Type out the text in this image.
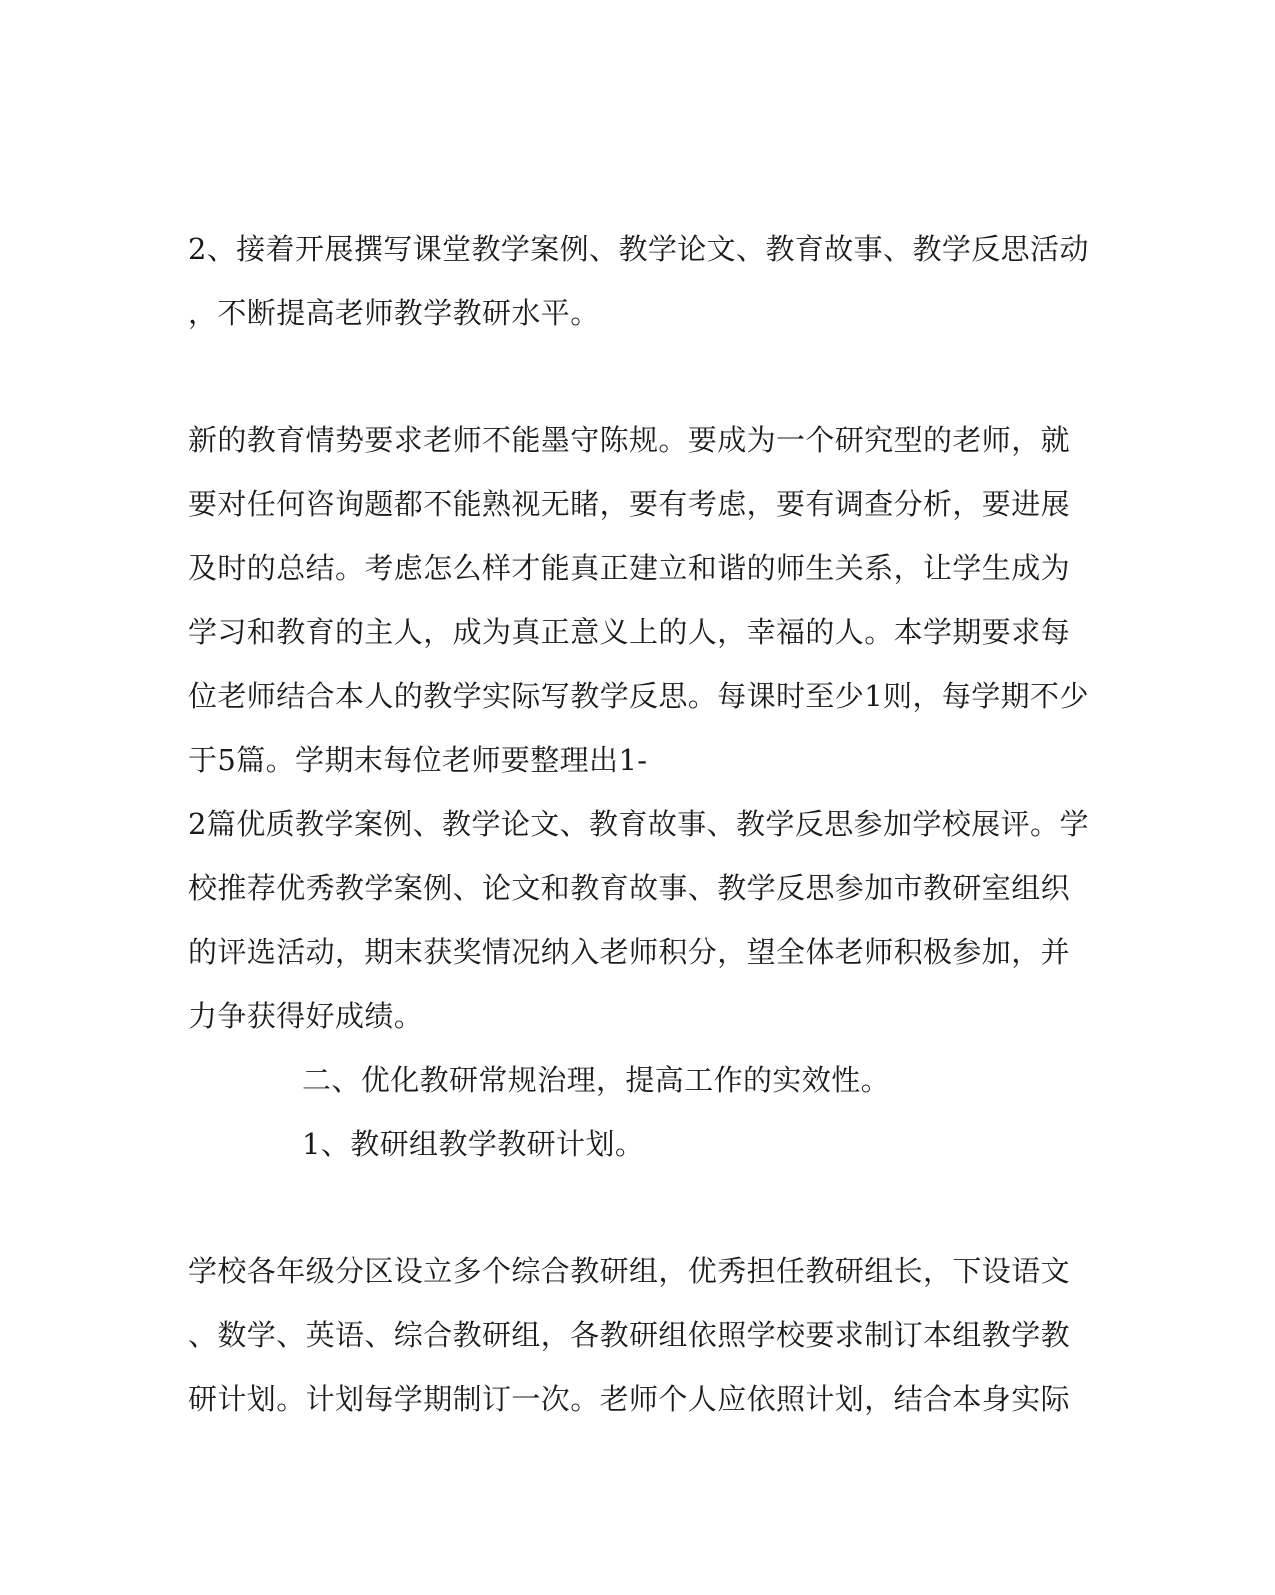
2、接着开展撰写课堂教学案例、教学论文、教育故事、教学反思活动
，不断提高老师教学教研水平。
新的教育情势要求老师不能墨守陈规。要成为一个研究型的老师，就
要对任何咨询题都不能熟视无睹，要有考虑，要有调查分析，要进展
及时的总结。考虑怎么样才能真正建立和谐的师生关系，让学生成为
学习和教育的主人，成为真正意义上的人，幸福的人。本学期要求每
位老师结合本人的教学实际写教学反思。每课时至少1则，每学期不少
于5篇。学期末每位老师要整理出1-
2篇优质教学案例、教学论文、教育故事、教学反思参加学校展评。学
校推荐优秀教学案例、论文和教育故事、教学反思参加市教研室组织
的评选活动，期末获奖情况纳入老师积分，望全体老师积极参加，并
力争获得好成绩。
二、优化教研常规治理，提高工作的实效性。
1、教研组教学教研计划。
学校各年级分区设立多个综合教研组，优秀担任教研组长，下设语文
、数学、英语、综合教研组，各教研组依照学校要求制订本组教学教
研计划。计划每学期制订一次。老师个人应依照计划，结合本身实际
